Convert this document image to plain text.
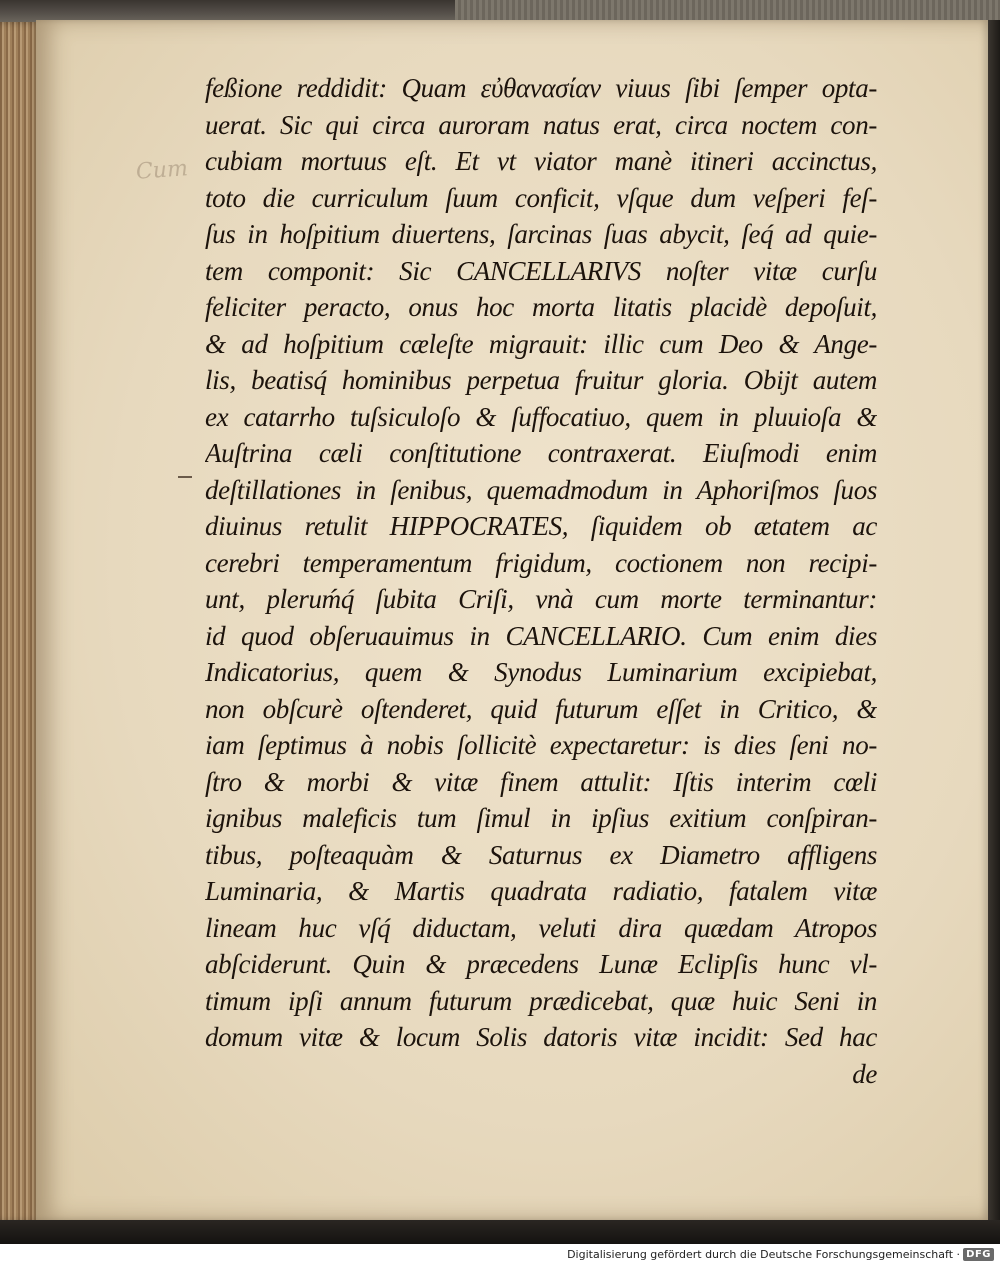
Cum
feßione reddidit: Quam εὐθανασίαν viuus ſibi ſemper opta-
uerat. Sic qui circa auroram natus erat, circa noctem con-
cubiam mortuus eſt. Et vt viator manè itineri accinctus,
toto die curriculum ſuum conficit, vſque dum veſperi feſ-
ſus in hoſpitium diuertens, ſarcinas ſuas abycit, ſeq́ ad quie-
tem componit: Sic CANCELLARIVS noſter vitæ curſu
feliciter peracto, onus hoc morta litatis placidè depoſuit,
& ad hoſpitium cæleſte migrauit: illic cum Deo & Ange-
lis, beatisq́ hominibus perpetua fruitur gloria. Obijt autem
ex catarrho tuſsiculoſo & ſuffocatiuo, quem in pluuioſa &
Auſtrina cæli conſtitutione contraxerat. Eiuſmodi enim
deſtillationes in ſenibus, quemadmodum in Aphoriſmos ſuos
diuinus retulit HIPPOCRATES, ſiquidem ob ætatem ac
cerebri temperamentum frigidum, coctionem non recipi-
unt, pleruḿq́ ſubita Criſi, vnà cum morte terminantur:
id quod obſeruauimus in CANCELLARIO. Cum enim dies
Indicatorius, quem & Synodus Luminarium excipiebat,
non obſcurè oſtenderet, quid futurum eſſet in Critico, &
iam ſeptimus à nobis ſollicitè expectaretur: is dies ſeni no-
ſtro & morbi & vitæ finem attulit: Iſtis interim cœli
ignibus maleficis tum ſimul in ipſius exitium conſpiran-
tibus, poſteaquàm & Saturnus ex Diametro affligens
Luminaria, & Martis quadrata radiatio, fatalem vitæ
lineam huc vſq́ diductam, veluti dira quædam Atropos
abſciderunt. Quin & præcedens Lunæ Eclipſis hunc vl-
timum ipſi annum futurum prædicebat, quæ huic Seni in
domum vitæ & locum Solis datoris vitæ incidit: Sed hac
de
Digitalisierung gefördert durch die Deutsche Forschungsgemeinschaft · DFG
